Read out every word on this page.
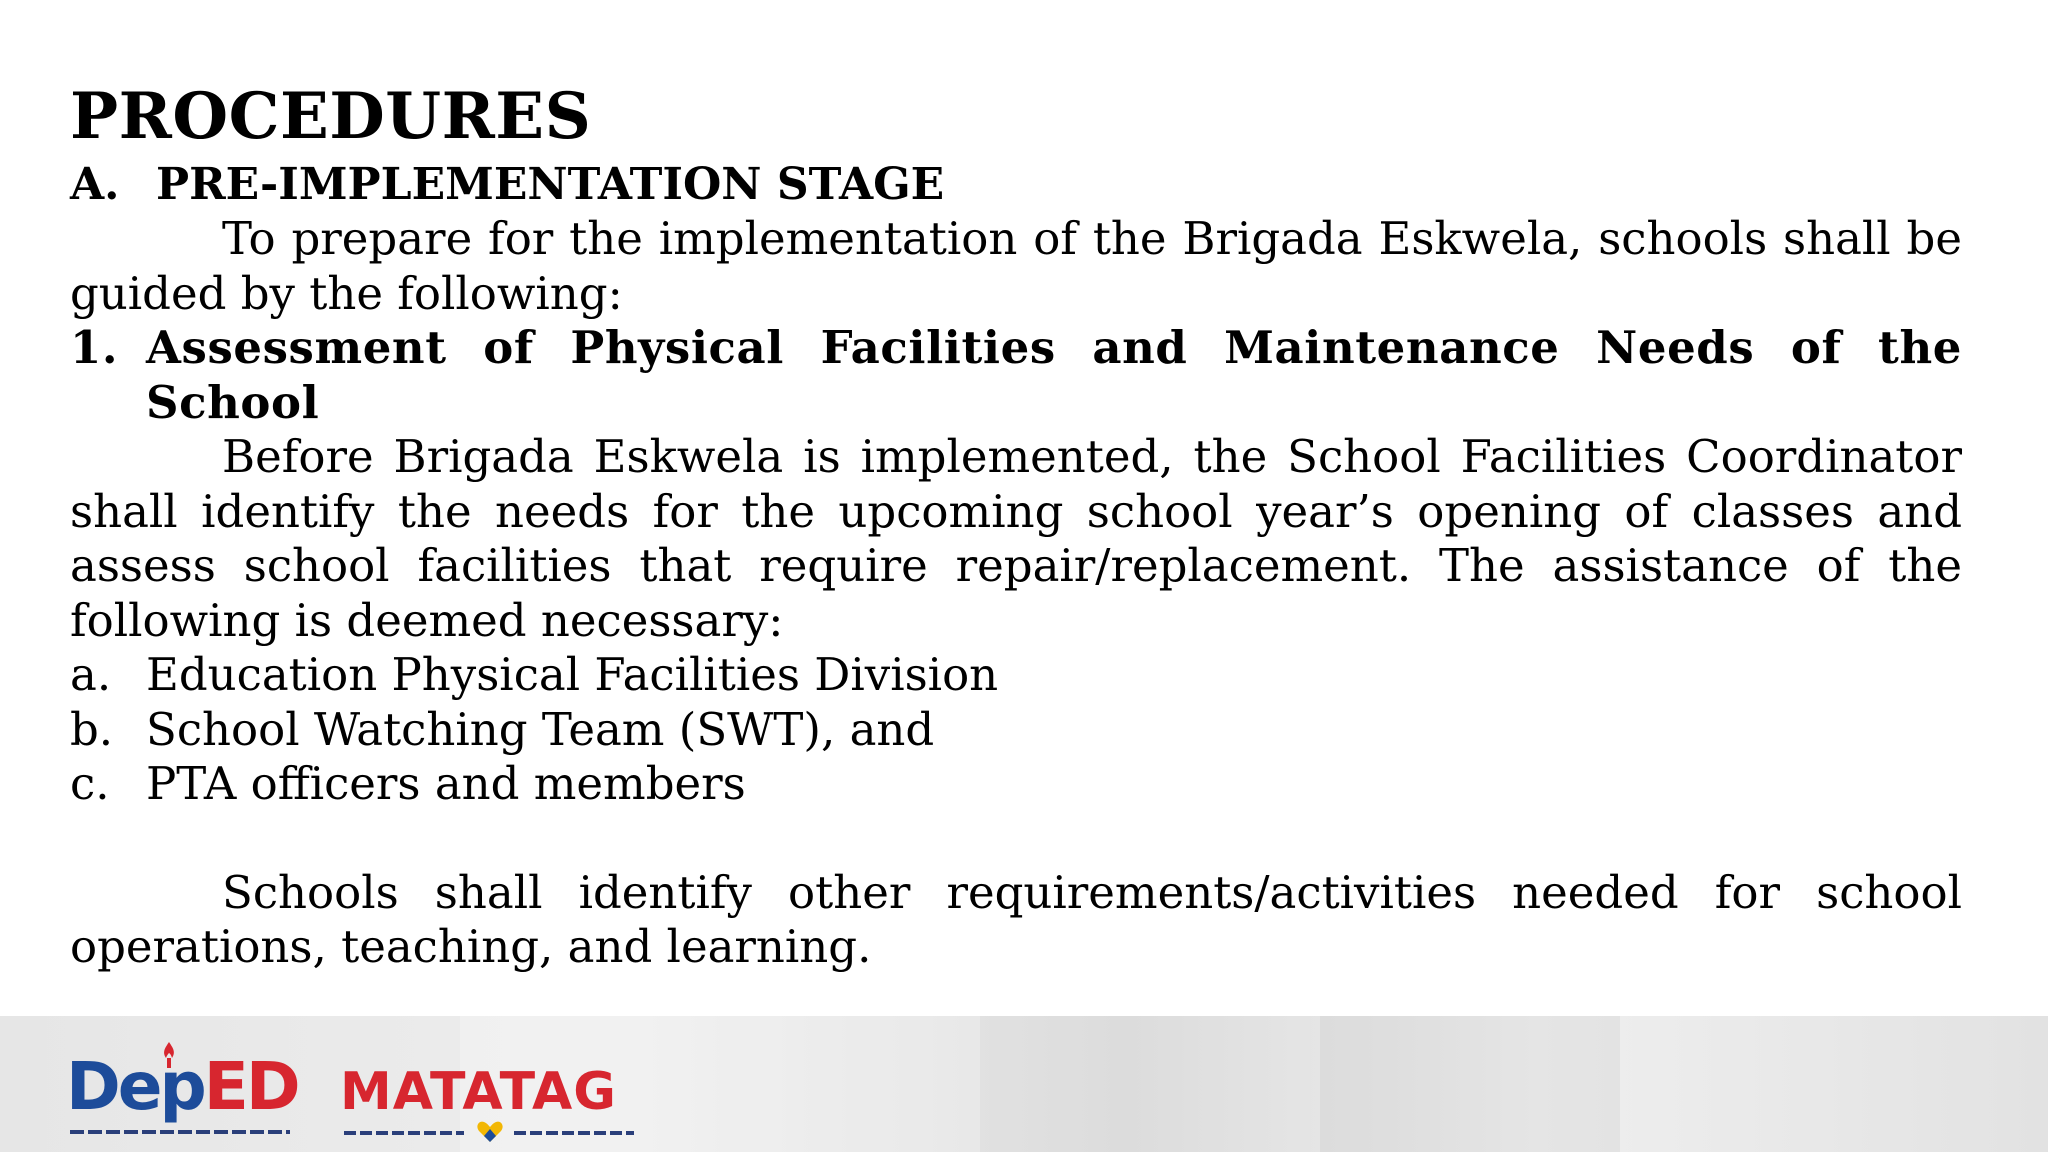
PROCEDURES
A. PRE-IMPLEMENTATION STAGE

To prepare for the implementation of the Brigada Eskwela, schools shall be guided by the following:

1. Assessment of Physical Facilities and Maintenance Needs of the School

Before Brigada Eskwela is implemented, the School Facilities Coordinator shall identify the needs for the upcoming school year’s opening of classes and assess school facilities that require repair/replacement. The assistance of the following is deemed necessary:

a. Education Physical Facilities Division
b. School Watching Team (SWT), and
c. PTA officers and members

Schools shall identify other requirements/activities needed for school operations, teaching, and learning.

DepED MATATAG
